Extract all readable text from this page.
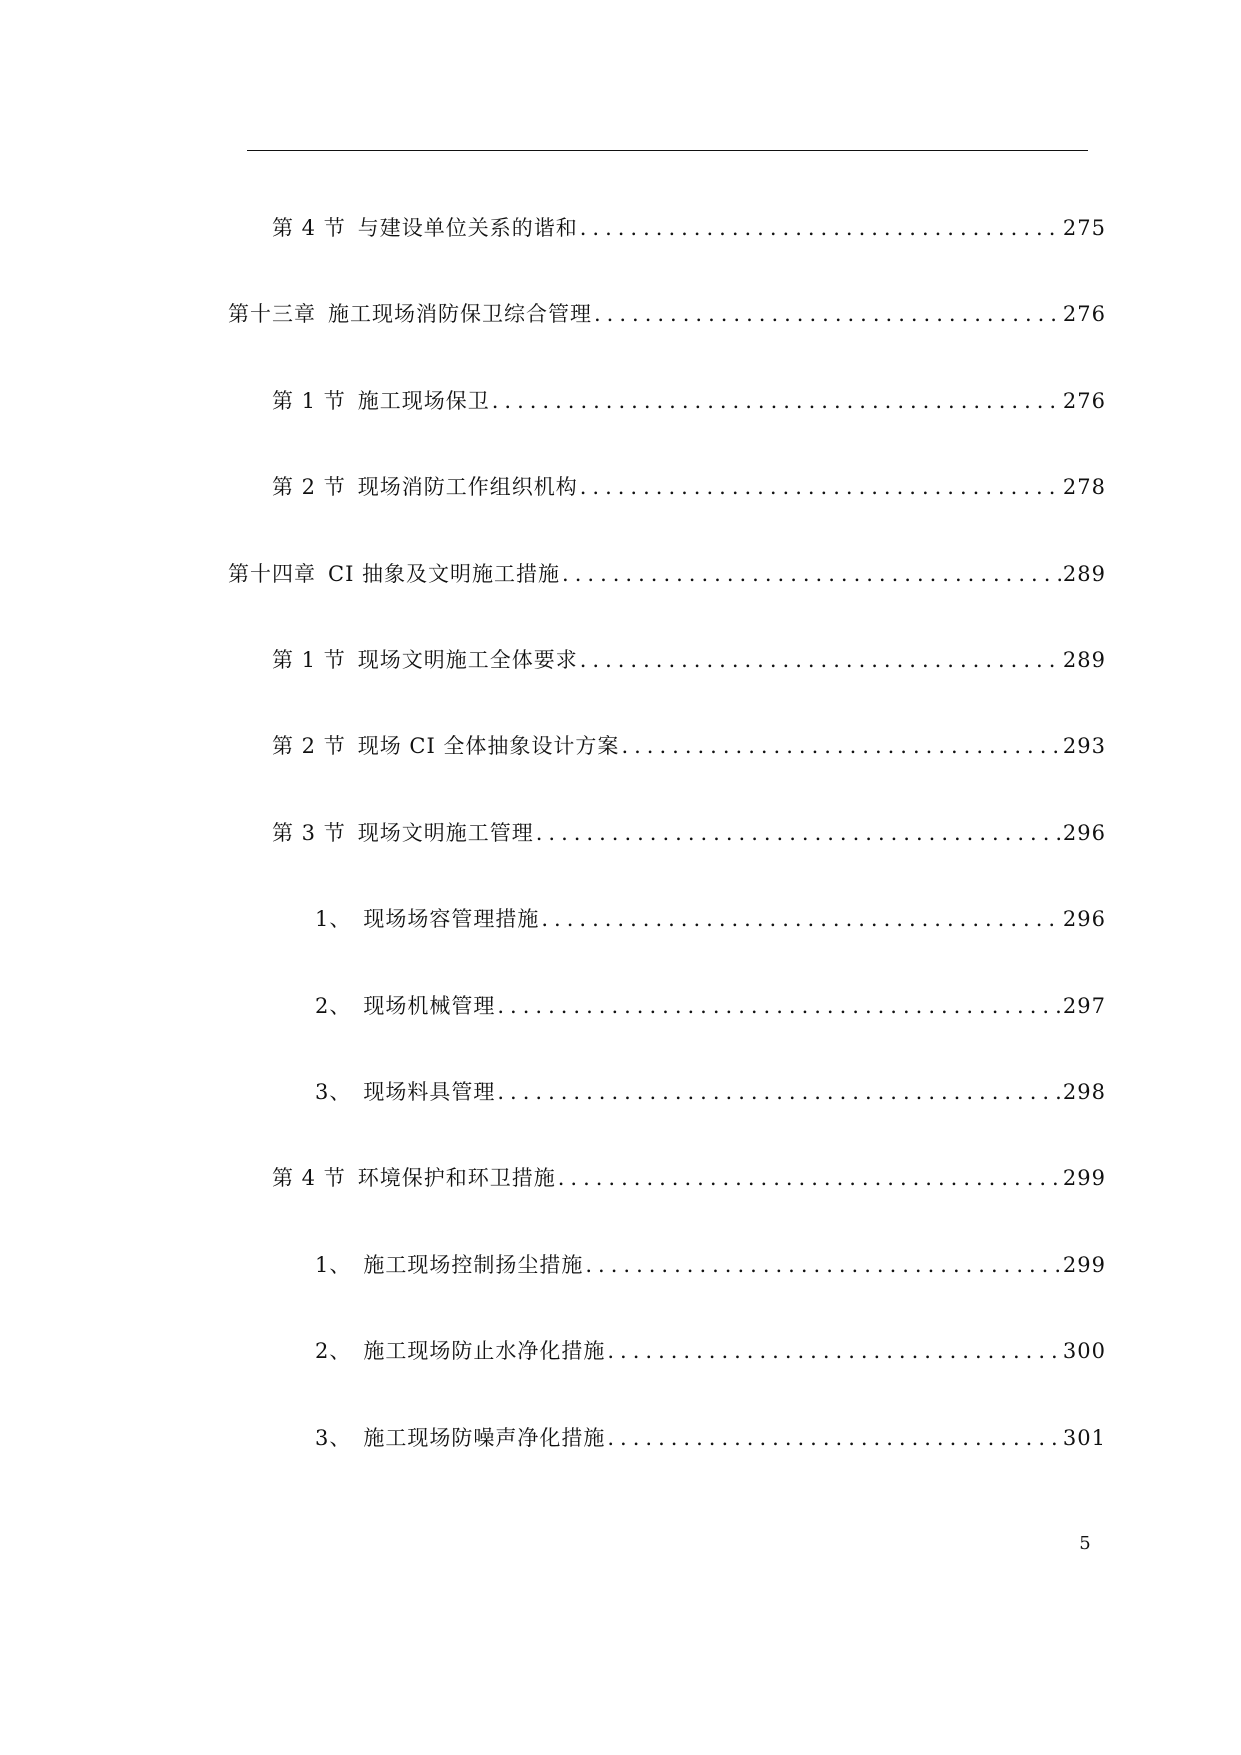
第 4 节 与建设单位关系的谐和 .....	275
第十三章 施工现场消防保卫综合管理 .....	276
第 1 节 施工现场保卫 .....	276
第 2 节 现场消防工作组织机构 .....	278
第十四章 CI 抽象及文明施工措施 .....	289
第 1 节 现场文明施工全体要求 .....	289
第 2 节 现场 CI 全体抽象设计方案 .....	293
第 3 节 现场文明施工管理 .....	296
1、 现场场容管理措施 .....	296
2、 现场机械管理 .....	297
3、 现场料具管理 .....	298
第 4 节 环境保护和环卫措施 .....	299
1、 施工现场控制扬尘措施 .....	299
2、 施工现场防止水净化措施 .....	300
3、 施工现场防噪声净化措施 .....	301
5
